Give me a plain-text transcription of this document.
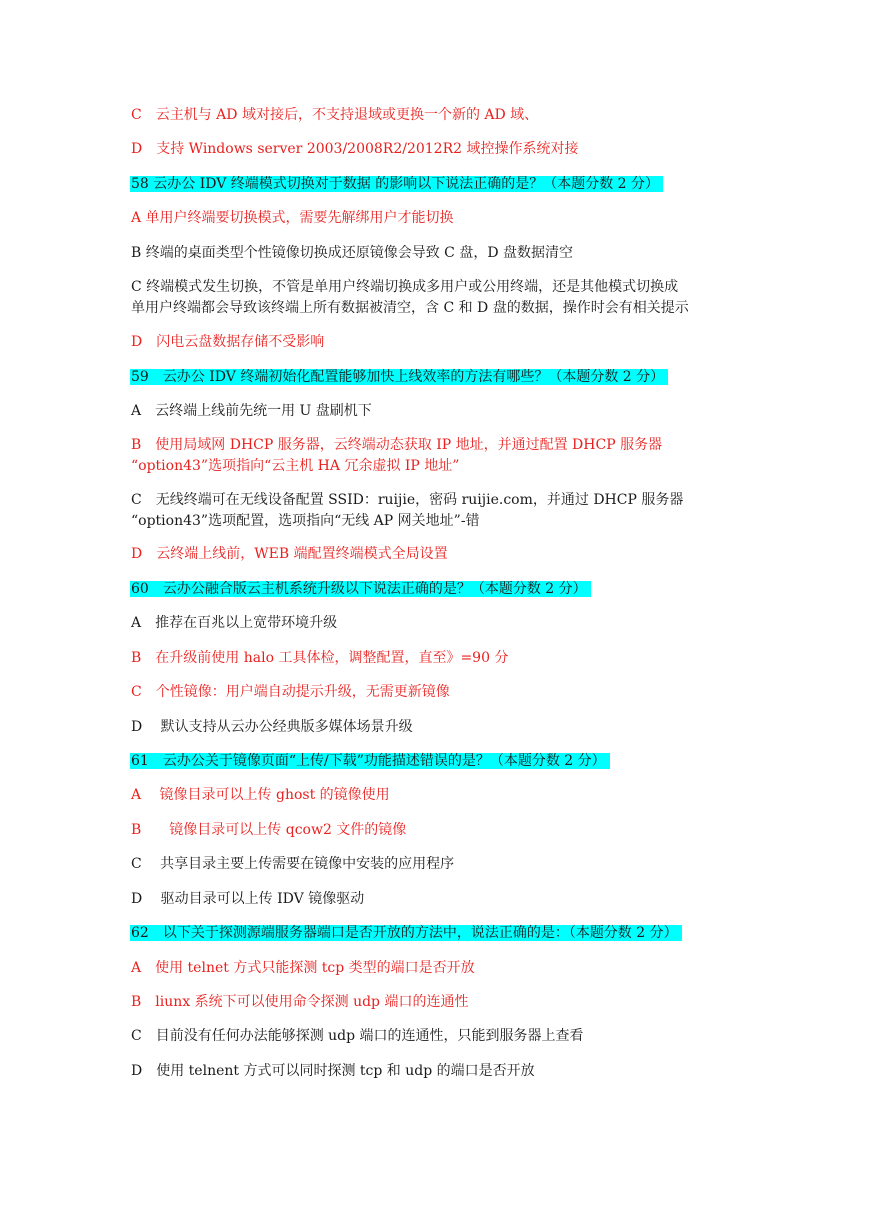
C　云主机与 AD 域对接后，不支持退域或更换一个新的 AD 域、
D　支持 Windows server 2003/2008R2/2012R2 域控操作系统对接
58 云办公 IDV 终端模式切换对于数据 的影响以下说法正确的是？（本题分数 2 分）
A 单用户终端要切换模式，需要先解绑用户才能切换
B 终端的桌面类型个性镜像切换成还原镜像会导致 C 盘，D 盘数据清空
C 终端模式发生切换，不管是单用户终端切换成多用户或公用终端，还是其他模式切换成
单用户终端都会导致该终端上所有数据被清空，含 C 和 D 盘的数据，操作时会有相关提示
D　闪电云盘数据存储不受影响
59　云办公 IDV 终端初始化配置能够加快上线效率的方法有哪些？（本题分数 2 分）
A　云终端上线前先统一用 U 盘刷机下
B　使用局域网 DHCP 服务器，云终端动态获取 IP 地址，并通过配置 DHCP 服务器
“option43”选项指向“云主机 HA 冗余虚拟 IP 地址”
C　无线终端可在无线设备配置 SSID：ruijie，密码 ruijie.com，并通过 DHCP 服务器
“option43”选项配置，选项指向“无线 AP 网关地址”-错
D　云终端上线前，WEB 端配置终端模式全局设置
60　云办公融合版云主机系统升级以下说法正确的是？（本题分数 2 分）
A　推荐在百兆以上宽带环境升级
B　在升级前使用 halo 工具体检，调整配置，直至》=90 分
C　个性镜像：用户端自动提示升级，无需更新镜像
D　 默认支持从云办公经典版多媒体场景升级
61　云办公关于镜像页面“上传/下载”功能描述错误的是？（本题分数 2 分）
A　 镜像目录可以上传 ghost 的镜像使用
B　　镜像目录可以上传 qcow2 文件的镜像
C　 共享目录主要上传需要在镜像中安装的应用程序
D　 驱动目录可以上传 IDV 镜像驱动
62　以下关于探测源端服务器端口是否开放的方法中，说法正确的是：（本题分数 2 分）
A　使用 telnet 方式只能探测 tcp 类型的端口是否开放
B　liunx 系统下可以使用命令探测 udp 端口的连通性
C　目前没有任何办法能够探测 udp 端口的连通性，只能到服务器上查看
D　使用 telnent 方式可以同时探测 tcp 和 udp 的端口是否开放
